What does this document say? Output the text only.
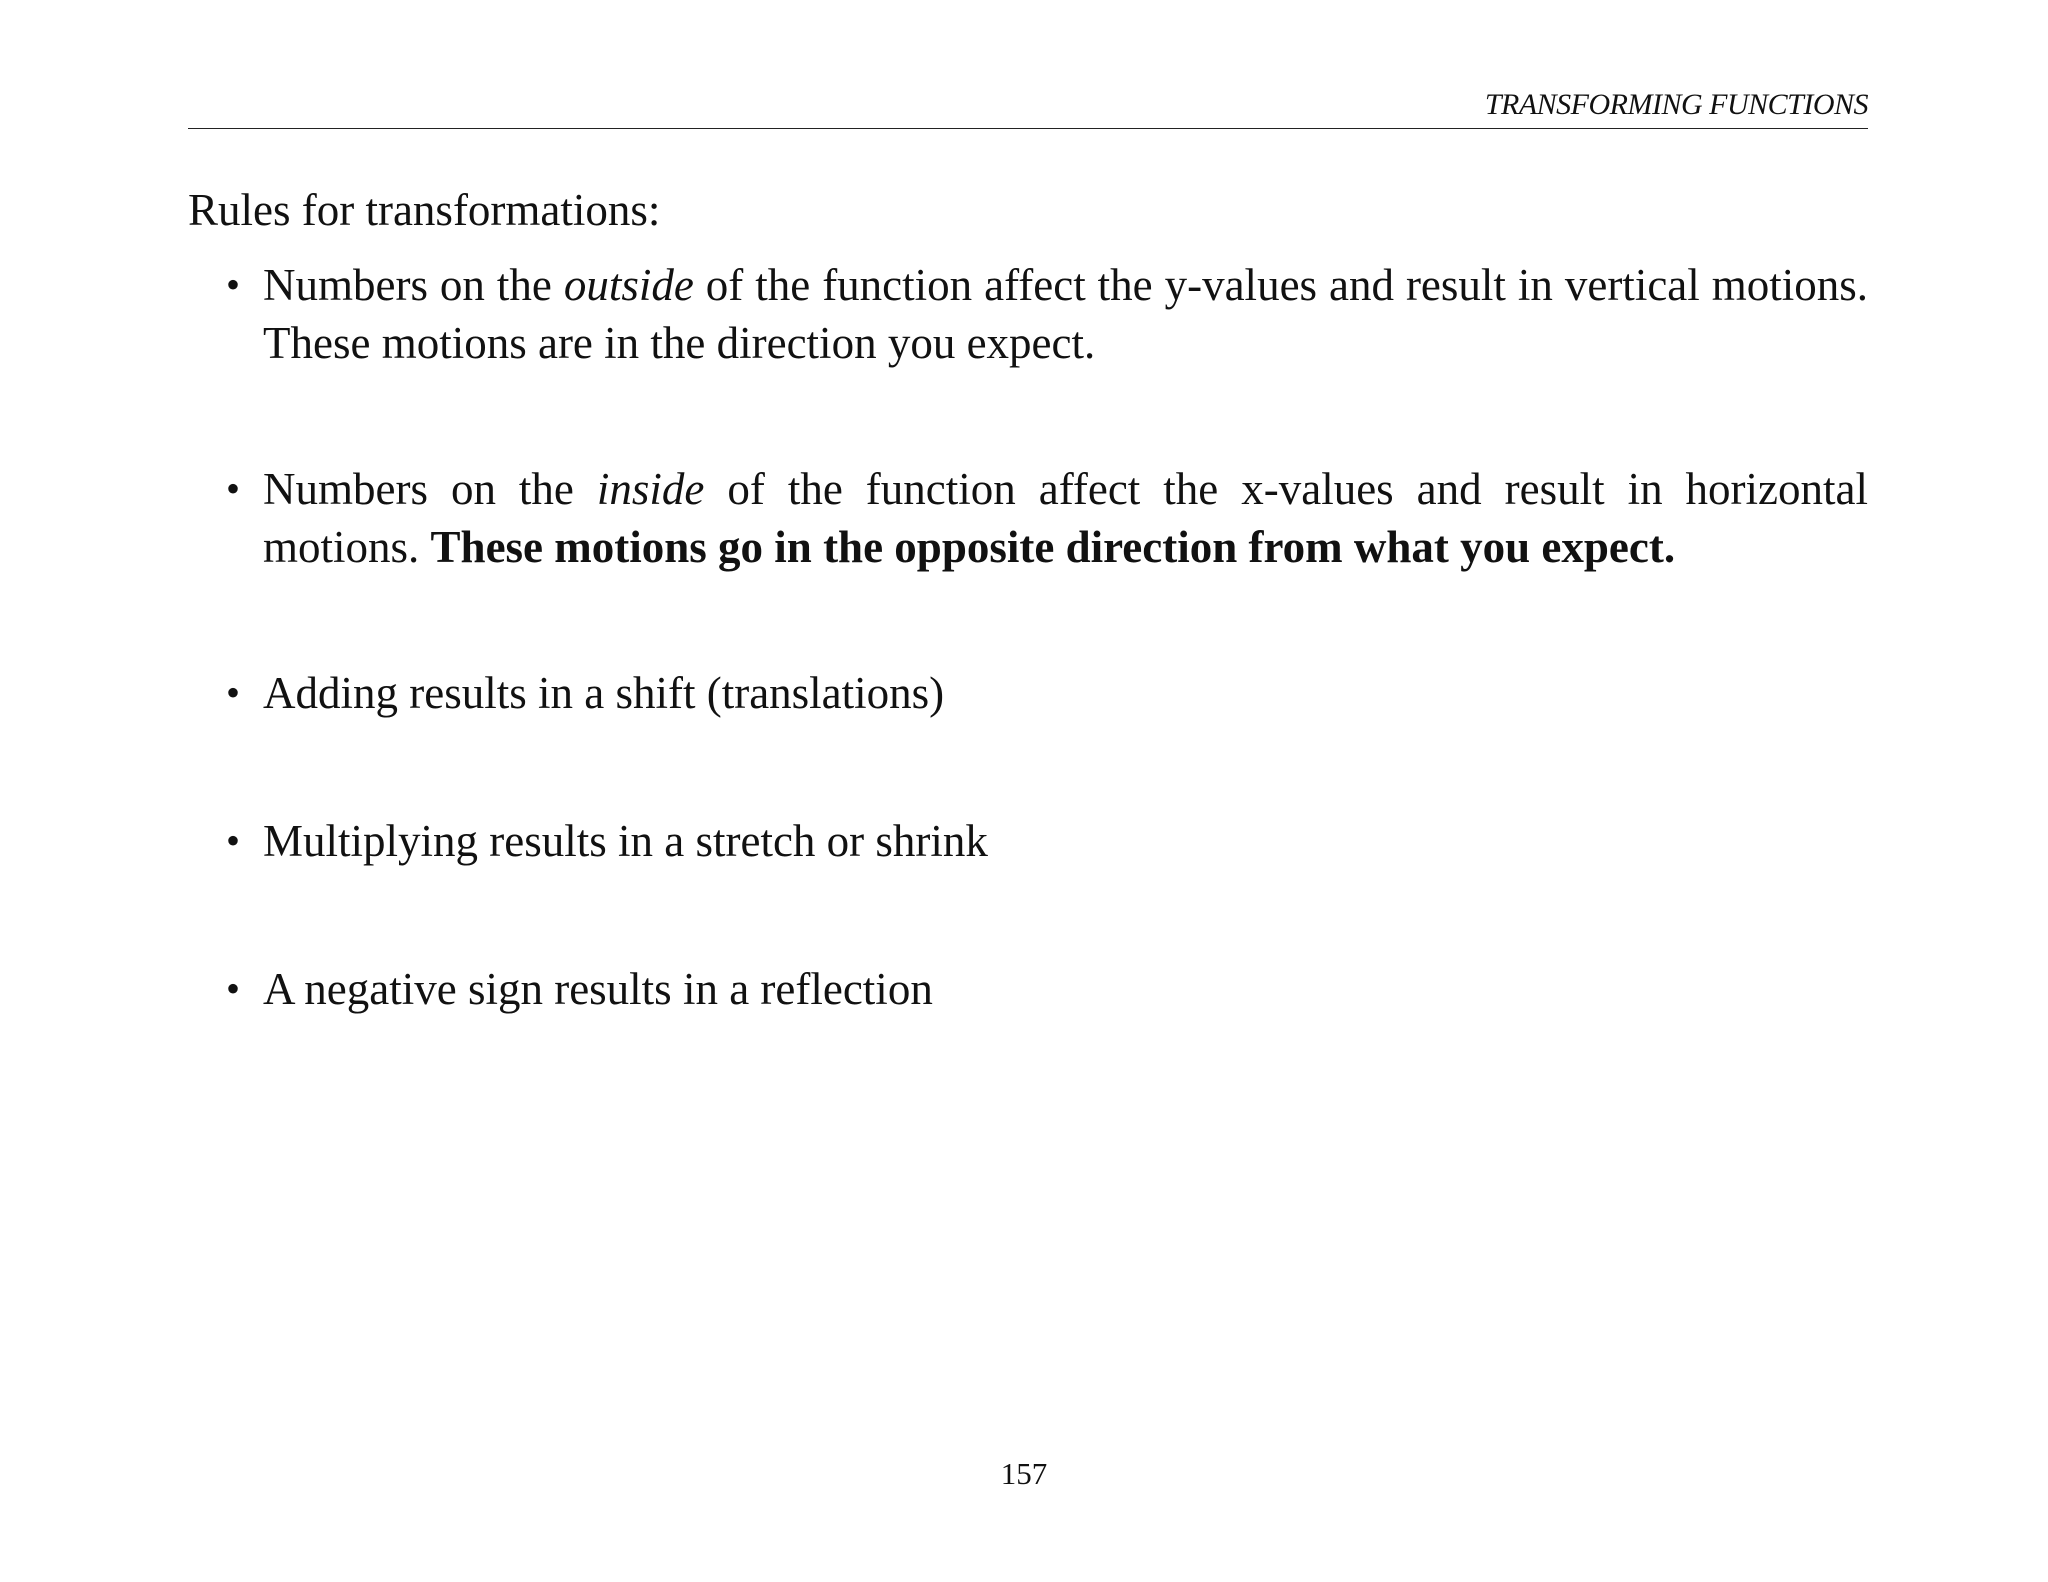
TRANSFORMING FUNCTIONS
Rules for transformations:
• Numbers on the outside of the function affect the y-values and result in vertical motions. These motions are in the direction you expect.
• Numbers on the inside of the function affect the x-values and result in horizontal motions. These motions go in the opposite direction from what you expect.
• Adding results in a shift (translations)
• Multiplying results in a stretch or shrink
• A negative sign results in a reflection
157
